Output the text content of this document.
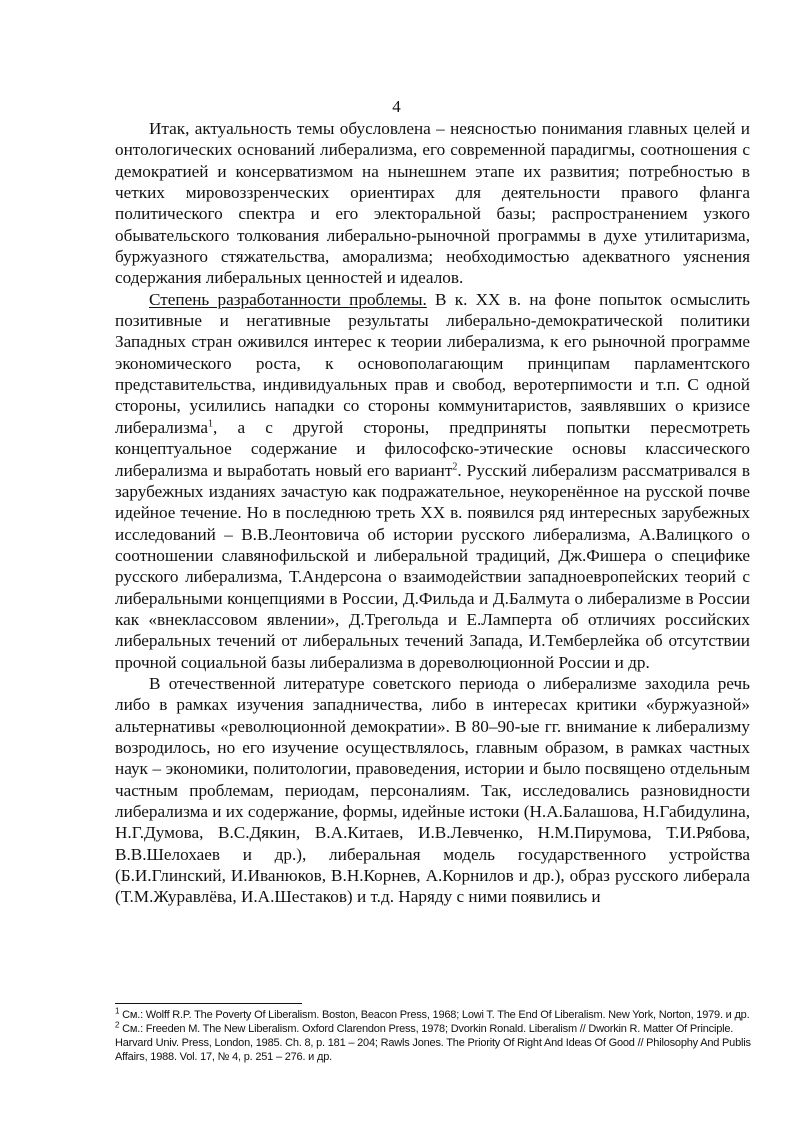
4

Итак, актуальность темы обусловлена – неясностью понимания главных целей и онтологических оснований либерализма, его современной парадигмы, соотношения с демократией и консерватизмом на нынешнем этапе их развития; потребностью в четких мировоззренческих ориентирах для деятельности правого фланга политического спектра и его электоральной базы; распространением узкого обывательского толкования либерально-рыночной программы в духе утилитаризма, буржуазного стяжательства, аморализма; необходимостью адекватного уяснения содержания либеральных ценностей и идеалов.

Степень разработанности проблемы. В к. XX в. на фоне попыток осмыслить позитивные и негативные результаты либерально-демократической политики Западных стран оживился интерес к теории либерализма, к его рыночной программе экономического роста, к основополагающим принципам парламентского представительства, индивидуальных прав и свобод, веротерпимости и т.п. С одной стороны, усилились нападки со стороны коммунитаристов, заявлявших о кризисе либерализма$^1$, а с другой стороны, предприняты попытки пересмотреть концептуальное содержание и философско-этические основы классического либерализма и выработать новый его вариант$^2$. Русский либерализм рассматривался в зарубежных изданиях зачастую как подражательное, неукоренённое на русской почве идейное течение. Но в последнюю треть XX в. появился ряд интересных зарубежных исследований – В.В.Леонтовича об истории русского либерализма, А.Валицкого о соотношении славянофильской и либеральной традиций, Дж.Фишера о специфике русского либерализма, Т.Андерсона о взаимодействии западноевропейских теорий с либеральными концепциями в России, Д.Фильда и Д.Балмута о либерализме в России как «внеклассовом явлении», Д.Трегольда и Е.Ламперта об отличиях российских либеральных течений от либеральных течений Запада, И.Темберлейка об отсутствии прочной социальной базы либерализма в дореволюционной России и др.

В отечественной литературе советского периода о либерализме заходила речь либо в рамках изучения западничества, либо в интересах критики «буржуазной» альтернативы «революционной демократии». В 80–90-ые гг. внимание к либерализму возродилось, но его изучение осуществлялось, главным образом, в рамках частных наук – экономики, политологии, правоведения, истории и было посвящено отдельным частным проблемам, периодам, персоналиям. Так, исследовались разновидности либерализма и их содержание, формы, идейные истоки (Н.А.Балашова, Н.Габидулина, Н.Г.Думова, В.С.Дякин, В.А.Китаев, И.В.Левченко, Н.М.Пирумова, Т.И.Рябова, В.В.Шелохаев и др.), либеральная модель государственного устройства (Б.И.Глинский, И.Иванюков, В.Н.Корнев, А.Корнилов и др.), образ русского либерала (Т.М.Журавлёва, И.А.Шестаков) и т.д. Наряду с ними появились и

$^1$ См.: Wolff R.P. The Poverty Of Liberalism. Boston, Beacon Press, 1968; Lowi T. The End Of Liberalism. New York, Norton, 1979. и др.

$^2$ См.: Freeden M. The New Liberalism. Oxford Clarendon Press, 1978; Dvorkin Ronald. Liberalism // Dworkin R. Matter Of Principle. Harvard Univ. Press, London, 1985. Ch. 8, p. 181 – 204; Rawls Jones. The Priority Of Right And Ideas Of Good // Philosophy And Publis Affairs, 1988. Vol. 17, № 4, p. 251 – 276. и др.
